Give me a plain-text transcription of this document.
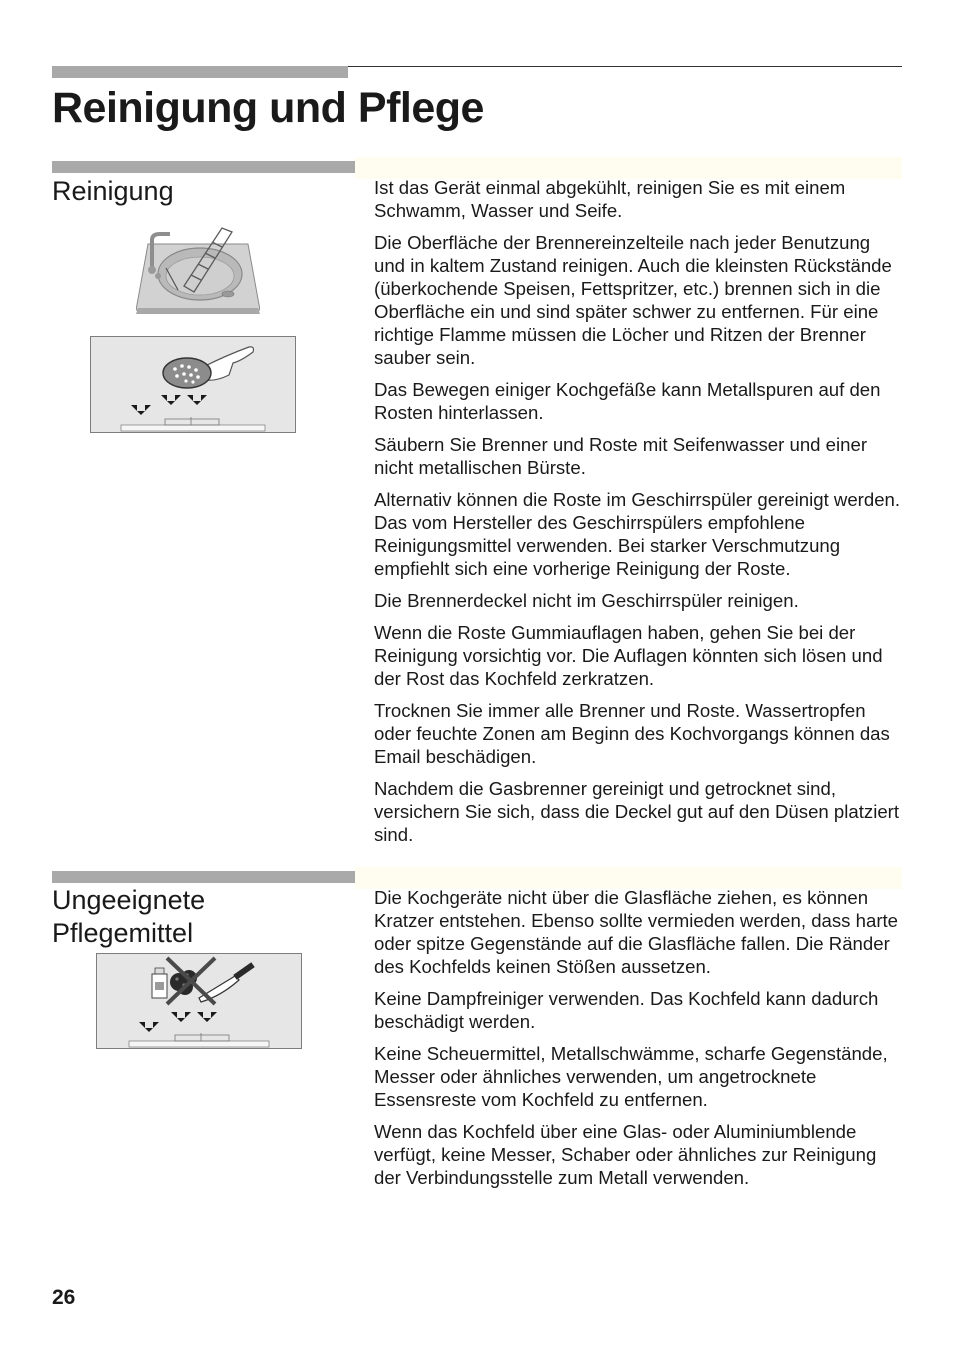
Reinigung und Pflege
Reinigung	Ist das Gerät einmal abgekühlt, reinigen Sie es mit einem Schwamm, Wasser und Seife.

Die Oberfläche der Brennereinzelteile nach jeder Benutzung und in kaltem Zustand reinigen. Auch die kleinsten Rückstände (überkochende Speisen, Fettspritzer, etc.) brennen sich in die Oberfläche ein und sind später schwer zu entfernen. Für eine richtige Flamme müssen die Löcher und Ritzen der Brenner sauber sein.

Das Bewegen einiger Kochgefäße kann Metallspuren auf den Rosten hinterlassen.

Säubern Sie Brenner und Roste mit Seifenwasser und einer nicht metallischen Bürste.

Alternativ können die Roste im Geschirrspüler gereinigt werden. Das vom Hersteller des Geschirrspülers empfohlene Reinigungsmittel verwenden. Bei starker Verschmutzung empfiehlt sich eine vorherige Reinigung der Roste.

Die Brennerdeckel nicht im Geschirrspüler reinigen.

Wenn die Roste Gummiauflagen haben, gehen Sie bei der Reinigung vorsichtig vor. Die Auflagen könnten sich lösen und der Rost das Kochfeld zerkratzen.

Trocknen Sie immer alle Brenner und Roste. Wassertropfen oder feuchte Zonen am Beginn des Kochvorgangs können das Email beschädigen.

Nachdem die Gasbrenner gereinigt und getrocknet sind, versichern Sie sich, dass die Deckel gut auf den Düsen platziert sind.

Ungeeignete Pflegemittel

Die Kochgeräte nicht über die Glasfläche ziehen, es können Kratzer entstehen. Ebenso sollte vermieden werden, dass harte oder spitze Gegenstände auf die Glasfläche fallen. Die Ränder des Kochfelds keinen Stößen aussetzen.

Keine Dampfreiniger verwenden. Das Kochfeld kann dadurch beschädigt werden.

Keine Scheuermittel, Metallschwämme, scharfe Gegenstände, Messer oder ähnliches verwenden, um angetrocknete Essensreste vom Kochfeld zu entfernen.

Wenn das Kochfeld über eine Glas- oder Aluminiumblende verfügt, keine Messer, Schaber oder ähnliches zur Reinigung der Verbindungsstelle zum Metall verwenden.

26
